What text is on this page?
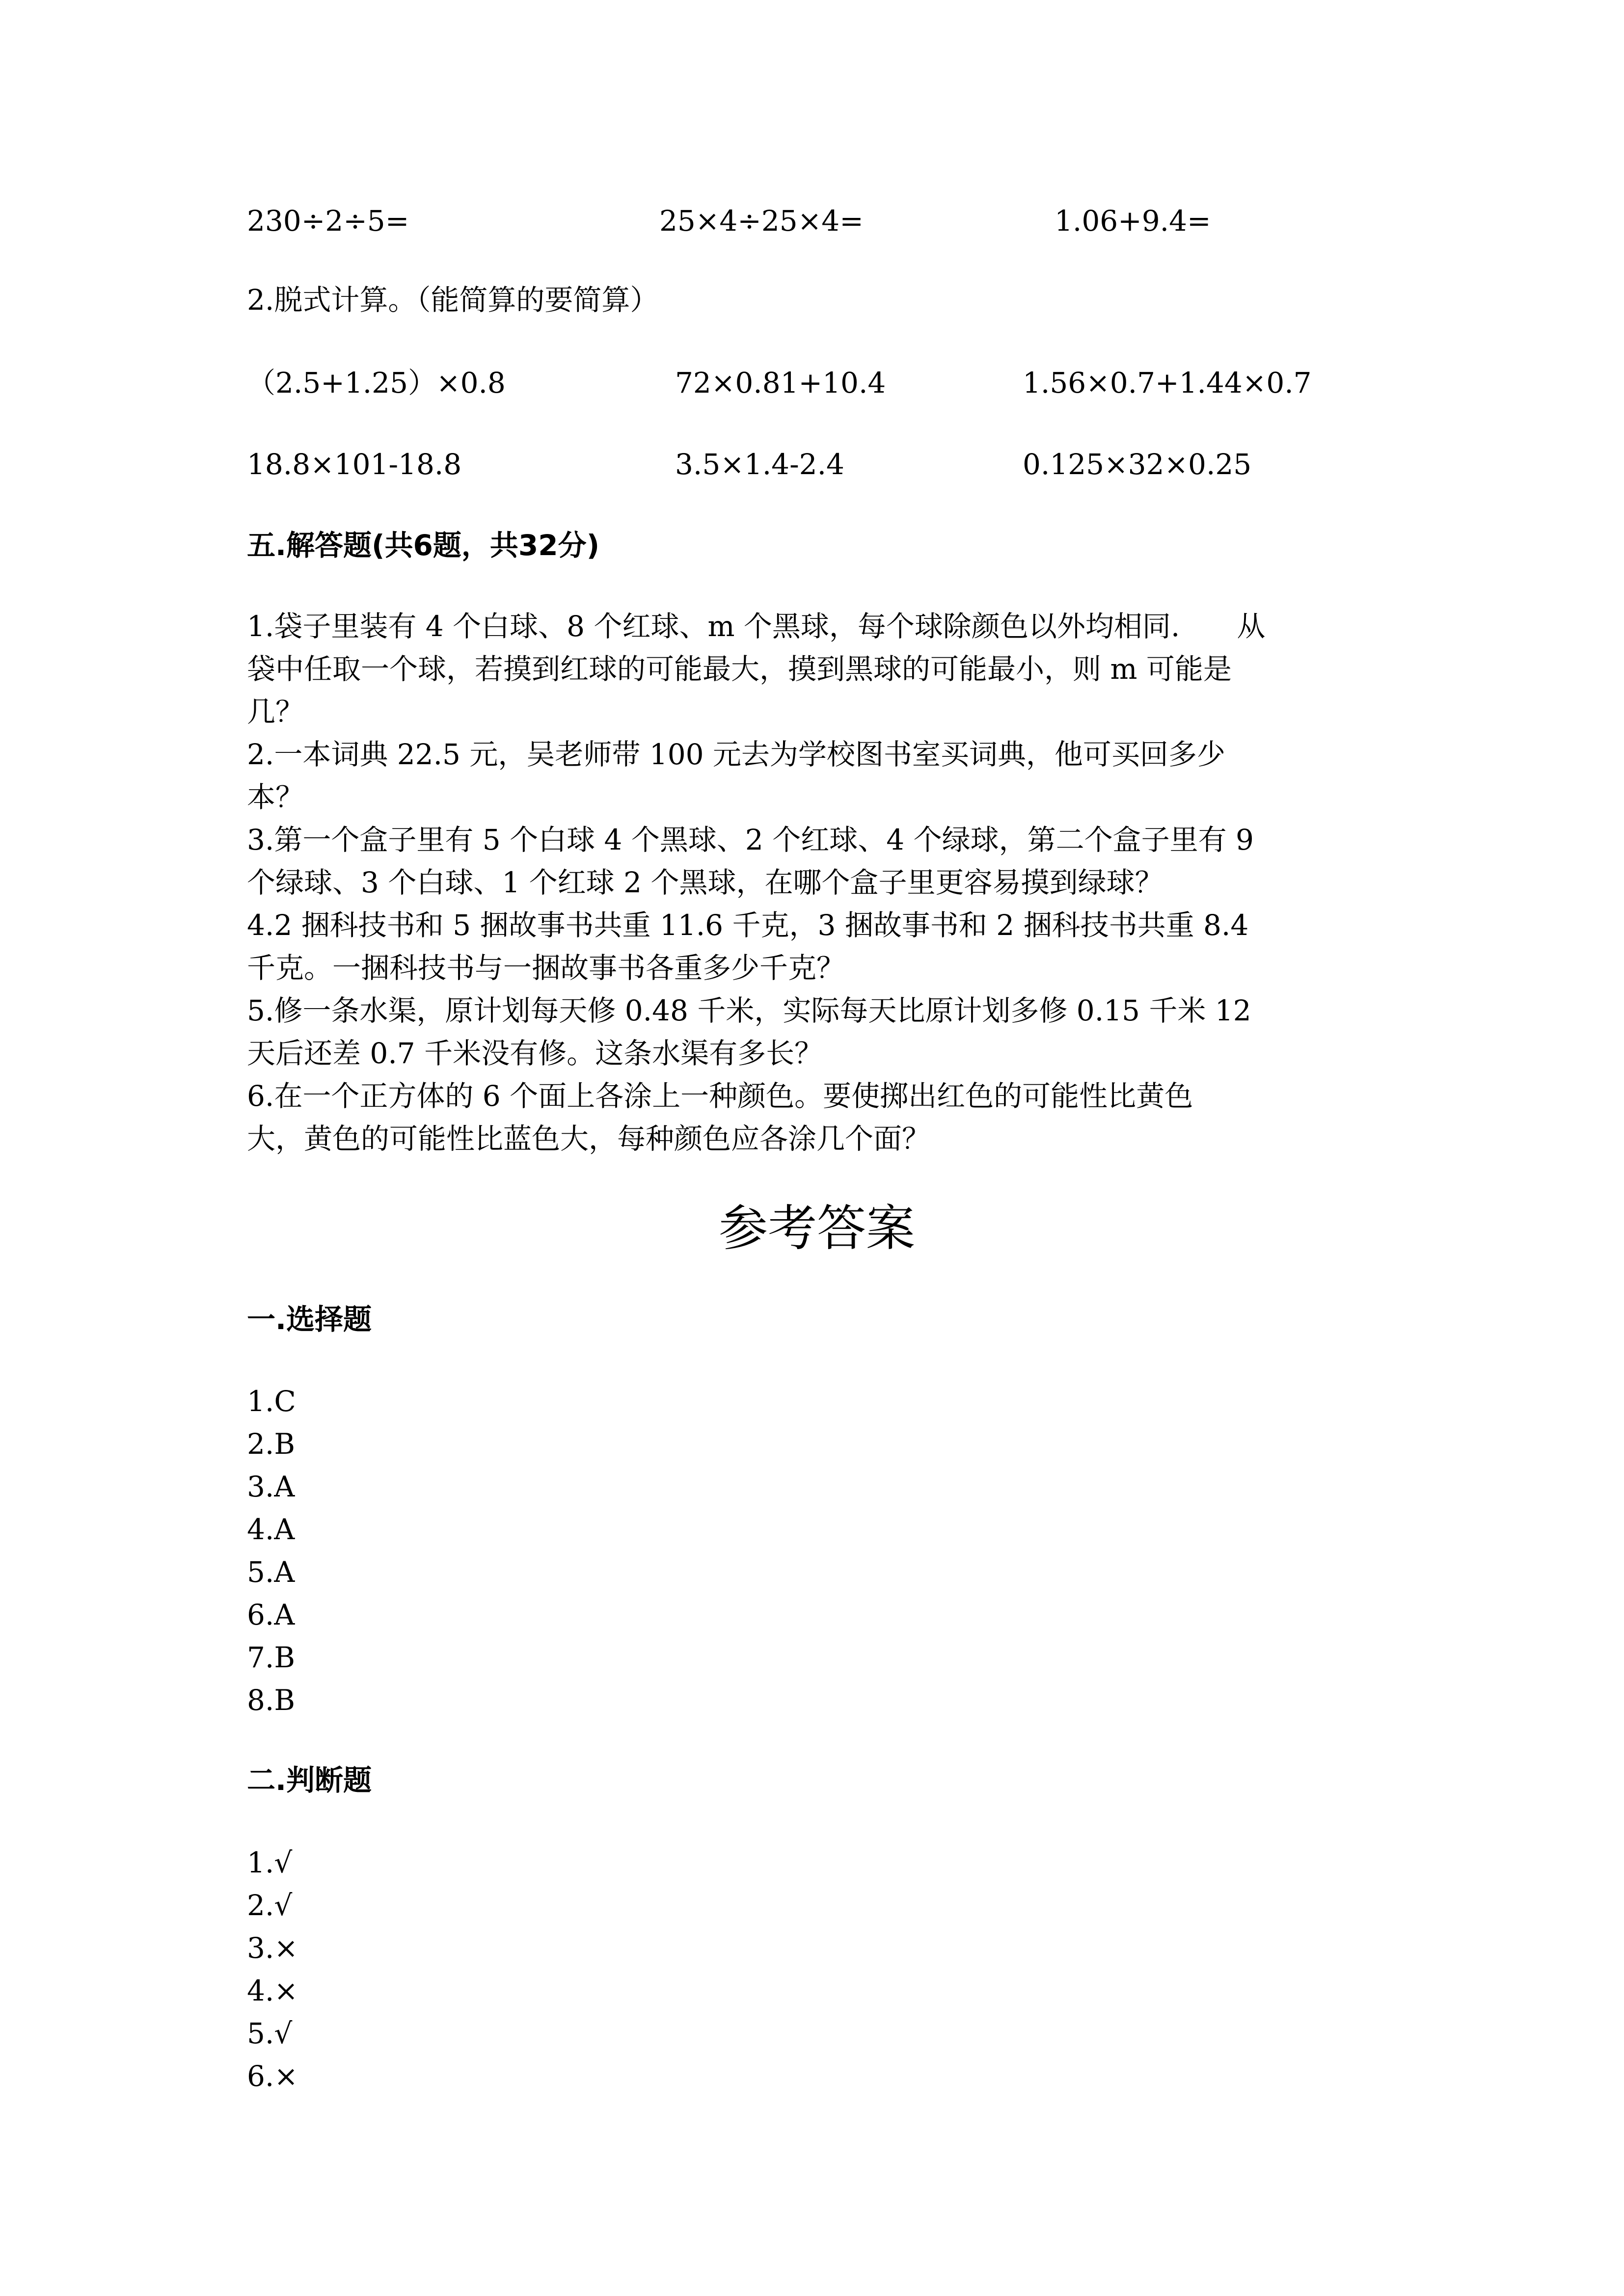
230÷2÷5=	25×4÷25×4=	1.06+9.4=
2.脱式计算。（能简算的要简算）
（2.5+1.25）×0.8	72×0.81+10.4	1.56×0.7+1.44×0.7
18.8×101-18.8	3.5×1.4-2.4	0.125×32×0.25
五.解答题(共6题，共32分)
1.袋子里装有 4 个白球、8 个红球、m 个黑球，每个球除颜色以外均相同.　　从
袋中任取一个球，若摸到红球的可能最大，摸到黑球的可能最小，则 m 可能是
几？
2.一本词典 22.5 元，吴老师带 100 元去为学校图书室买词典，他可买回多少
本？
3.第一个盒子里有 5 个白球 4 个黑球、2 个红球、4 个绿球，第二个盒子里有 9
个绿球、3 个白球、1 个红球 2 个黑球，在哪个盒子里更容易摸到绿球？
4.2 捆科技书和 5 捆故事书共重 11.6 千克，3 捆故事书和 2 捆科技书共重 8.4
千克。一捆科技书与一捆故事书各重多少千克？
5.修一条水渠，原计划每天修 0.48 千米，实际每天比原计划多修 0.15 千米 12
天后还差 0.7 千米没有修。这条水渠有多长？
6.在一个正方体的 6 个面上各涂上一种颜色。要使掷出红色的可能性比黄色
大，黄色的可能性比蓝色大，每种颜色应各涂几个面？
参考答案
一.选择题
1.C
2.B
3.A
4.A
5.A
6.A
7.B
8.B
二.判断题
1.√
2.√
3.×
4.×
5.√
6.×
